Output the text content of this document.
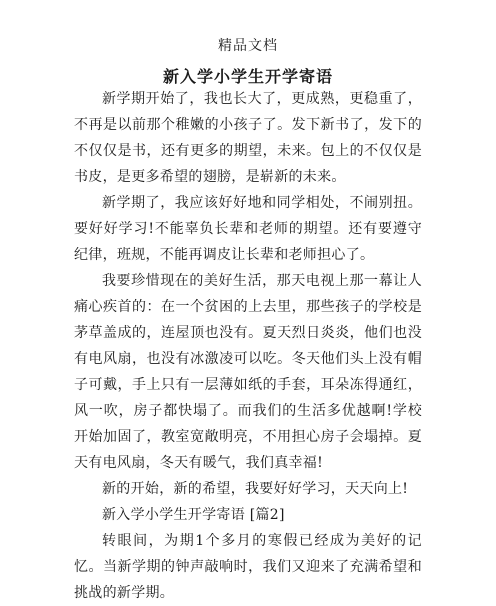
精品文档
新入学小学生开学寄语

新学期开始了，我也长大了，更成熟，更稳重了，不再是以前那个稚嫩的小孩子了。发下新书了，发下的不仅仅是书，还有更多的期望，未来。包上的不仅仅是书皮，是更多希望的翅膀，是崭新的未来。

新学期了，我应该好好地和同学相处，不闹别扭。要好好学习!不能辜负长辈和老师的期望。还有要遵守纪律，班规，不能再调皮让长辈和老师担心了。

我要珍惜现在的美好生活，那天电视上那一幕让人痛心疾首的：在一个贫困的上去里，那些孩子的学校是茅草盖成的，连屋顶也没有。夏天烈日炎炎，他们也没有电风扇，也没有冰激凌可以吃。冬天他们头上没有帽子可戴，手上只有一层薄如纸的手套，耳朵冻得通红，风一吹，房子都快塌了。而我们的生活多优越啊!学校开始加固了，教室宽敞明亮，不用担心房子会塌掉。夏天有电风扇，冬天有暖气，我们真幸福!

新的开始，新的希望，我要好好学习，天天向上!

新入学小学生开学寄语 [篇2]

转眼间，为期1个多月的寒假已经成为美好的记忆。当新学期的钟声敲响时，我们又迎来了充满希望和挑战的新学期。
